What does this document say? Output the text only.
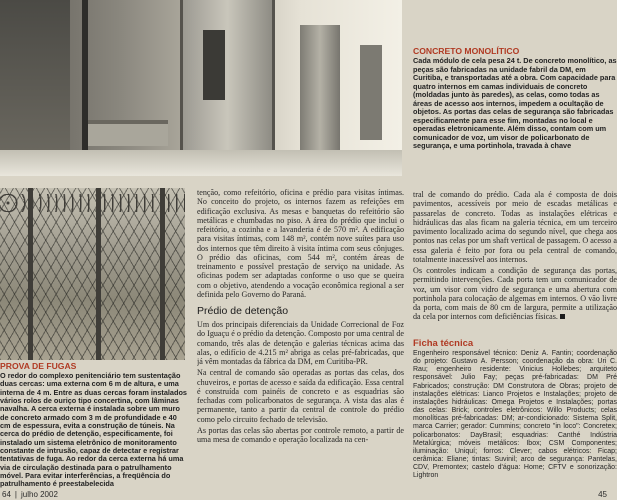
CONCRETO MONOLÍTICO

Cada módulo de cela pesa 24 t. De concreto monolítico, as peças são fabricadas na unidade fabril da DM, em Curitiba, e transportadas até a obra. Com capacidade para quatro internos em camas individuais de concreto (moldadas junto às paredes), as celas, como todas as áreas de acesso aos internos, impedem a ocultação de objetos. As portas das celas de segurança são fabricadas especificamente para esse fim, montadas no local e operadas eletronicamente. Além disso, contam com um comunicador de voz, um visor de policarbonato de segurança, e uma portinhola, travada à chave

tenção, como refeitório, oficina e prédio para visitas íntimas. No conceito do projeto, os internos fazem as refeições em edificação exclusiva. As mesas e banquetas do refeitório são metálicas e chumbadas no piso. A área do prédio que inclui o refeitório, a cozinha e a lavanderia é de 570 m². A edificação para visitas íntimas, com 148 m², contém nove suítes para uso dos internos que têm direito à visita íntima com seus cônjuges. O prédio das oficinas, com 544 m², contém áreas de treinamento e possível prestação de serviço na unidade. As oficinas podem ser adaptadas conforme o uso que se queira com o objetivo, atendendo a vocação econômica regional a ser definida pelo Governo do Paraná.

Prédio de detenção

Um dos principais diferenciais da Unidade Correcional de Foz do Iguaçu é o prédio da detenção. Composto por uma central de comando, três alas de detenção e galerias técnicas acima das alas, o edifício de 4.215 m² abriga as celas pré-fabricadas, que já vêm montadas da fábrica da DM, em Curitiba-PR.

Na central de comando são operadas as portas das celas, dos chuveiros, e portas de acesso e saída da edificação. Essa central é construída com painéis de concreto e as esquadrias são fechadas com policarbonatos de segurança. A vista das alas é permanente, tanto a partir da central de controle do prédio como pelo circuito fechado de televisão.

As portas das celas são abertas por controle remoto, a partir de uma mesa de comando e operação localizada na cen-

tral de comando do prédio. Cada ala é composta de dois pavimentos, acessíveis por meio de escadas metálicas e passarelas de concreto. Todas as instalações elétricas e hidráulicas das alas ficam na galeria técnica, em um terceiro pavimento localizado acima do segundo nível, que chega aos pontos nas celas por um shaft vertical de passagem. O acesso a essa galeria é feito por fora ou pela central de comando, totalmente inacessível aos internos.

Os controles indicam a condição de segurança das portas, permitindo intervenções. Cada porta tem um comunicador de voz, um visor com vidro de segurança e uma abertura com portinhola para colocação de algemas em internos. O vão livre da porta, com mais de 80 cm de largura, permite a utilização da cela por internos com deficiências físicas.

Ficha técnica

Engenheiro responsável técnico: Deniz A. Fantin; coordenação do projeto: Gustavo A. Persson; coordenação da obra: Uri C. Rau; engenheiro residente: Vinicius Hollebes; arquiteto responsável: Julio Fay; peças pré-fabricadas: DM Pré Fabricados; construção: DM Construtora de Obras; projeto de instalações elétricas: Lianco Projetos e Instalações; projeto de instalações hidráulicas: Omega Projetos e Instalações; portas das celas: Brick; controles eletrônicos: Willo Products; celas monolíticas pré-fabricadas: DM; ar-condicionado: Sistema Split, marca Carrier; gerador: Cummins; concreto "in loco": Concretex; policarbonatos: DayBrasil; esquadrias: Canthé Indústria Metalúrgica; móveis metálicos: Ibox; CSM Componentes; iluminação: Uniquí; forros: Clever; cabos elétricos: Ficap; cerâmica: Eliane; tintas: Suvinil; arco de segurança: Pantelas, CDV, Premontex; castelo d'água: Home; CFTV e sonorização: Lightron

PROVA DE FUGAS

O redor do complexo penitenciário tem sustentação duas cercas: uma externa com 6 m de altura, e uma interna de 4 m. Entre as duas cercas foram instalados vários rolos de ouriço tipo concertina, com lâminas navalha. A cerca externa é instalada sobre um muro de concreto armado com 3 m de profundidade e 40 cm de espessura, evita a construção de túneis. Na cerca do prédio de detenção, especificamente, foi instalado um sistema eletrônico de monitoramento constante de intrusão, capaz de detectar e registrar tentativas de fuga. Ao redor da cerca externa há uma via de circulação destinada para o patrulhamento móvel. Para evitar interferências, a freqüência do patrulhamento é preestabelecida

64 | julho 2002	45
